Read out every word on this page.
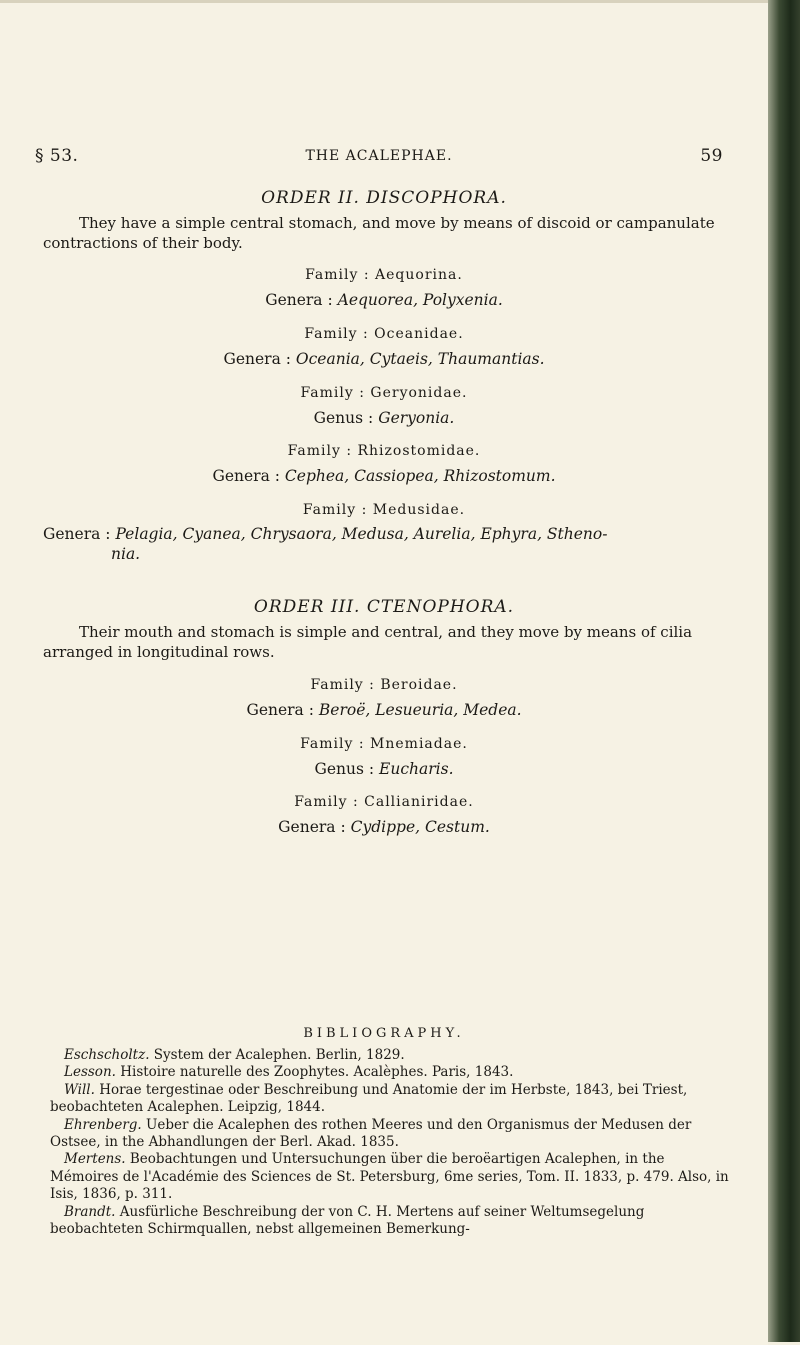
§ 53.	THE ACALEPHAE.	59
ORDER II. DISCOPHORA.
They have a simple central stomach, and move by means of discoid or campanulate contractions of their body.
Family : Aequorina.
Genera : Aequorea, Polyxenia.
Family : Oceanidae.
Genera : Oceania, Cytaeis, Thaumantias.
Family : Geryonidae.
Genus : Geryonia.
Family : Rhizostomidae.
Genera : Cephea, Cassiopea, Rhizostomum.
Family : Medusidae.
Genera : Pelagia, Cyanea, Chrysaora, Medusa, Aurelia, Ephyra, Stheno-
nia.
ORDER III. CTENOPHORA.
Their mouth and stomach is simple and central, and they move by means of cilia arranged in longitudinal rows.
Family : Beroidae.
Genera : Beroë, Lesueuria, Medea.
Family : Mnemiadae.
Genus : Eucharis.
Family : Callianiridae.
Genera : Cydippe, Cestum.
BIBLIOGRAPHY.

Eschscholtz. System der Acalephen. Berlin, 1829.

Lesson. Histoire naturelle des Zoophytes. Acalèphes. Paris, 1843.

Will. Horae tergestinae oder Beschreibung und Anatomie der im Herbste, 1843, bei Triest, beobachteten Acalephen. Leipzig, 1844.

Ehrenberg. Ueber die Acalephen des rothen Meeres und den Organismus der Medusen der Ostsee, in the Abhandlungen der Berl. Akad. 1835.

Mertens. Beobachtungen und Untersuchungen über die beroëartigen Acalephen, in the Mémoires de l'Académie des Sciences de St. Petersburg, 6me series, Tom. II. 1833, p. 479. Also, in Isis, 1836, p. 311.

Brandt. Ausfürliche Beschreibung der von C. H. Mertens auf seiner Weltumsegelung beobachteten Schirmquallen, nebst allgemeinen Bemerkung-
